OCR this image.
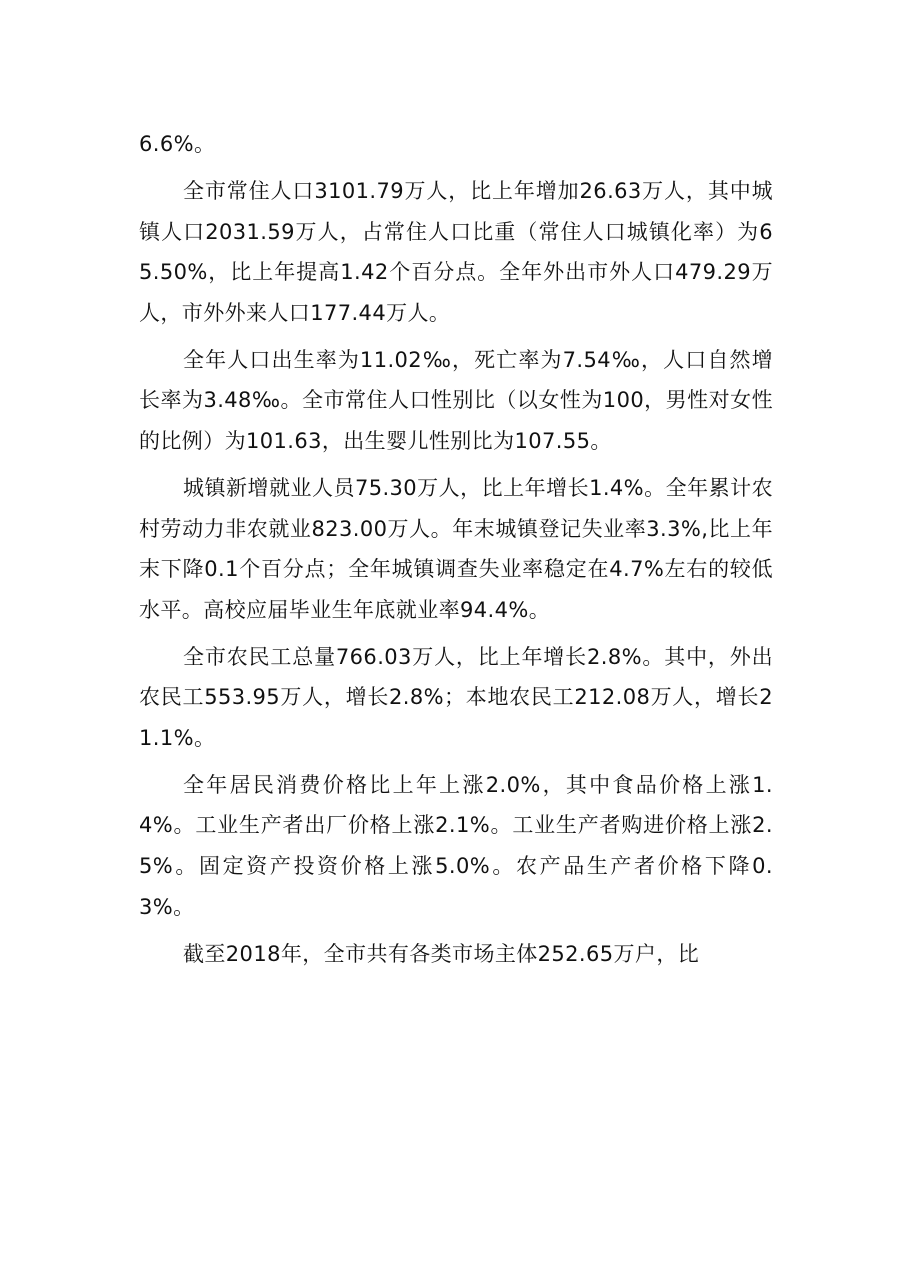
6.6%。

全市常住人口3101.79万人，比上年增加26.63万人，其中城镇人口2031.59万人，占常住人口比重（常住人口城镇化率）为65.50%，比上年提高1.42个百分点。全年外出市外人口479.29万人，市外外来人口177.44万人。

全年人口出生率为11.02‰，死亡率为7.54‰，人口自然增长率为3.48‰。全市常住人口性别比（以女性为100，男性对女性的比例）为101.63，出生婴儿性别比为107.55。

城镇新增就业人员75.30万人，比上年增长1.4%。全年累计农村劳动力非农就业823.00万人。年末城镇登记失业率3.3%,比上年末下降0.1个百分点；全年城镇调查失业率稳定在4.7%左右的较低水平。高校应届毕业生年底就业率94.4%。

全市农民工总量766.03万人，比上年增长2.8%。其中，外出农民工553.95万人，增长2.8%；本地农民工212.08万人，增长21.1%。

全年居民消费价格比上年上涨2.0%，其中食品价格上涨1.4%。工业生产者出厂价格上涨2.1%。工业生产者购进价格上涨2.5%。固定资产投资价格上涨5.0%。农产品生产者价格下降0.3%。

截至2018年，全市共有各类市场主体252.65万户，比
